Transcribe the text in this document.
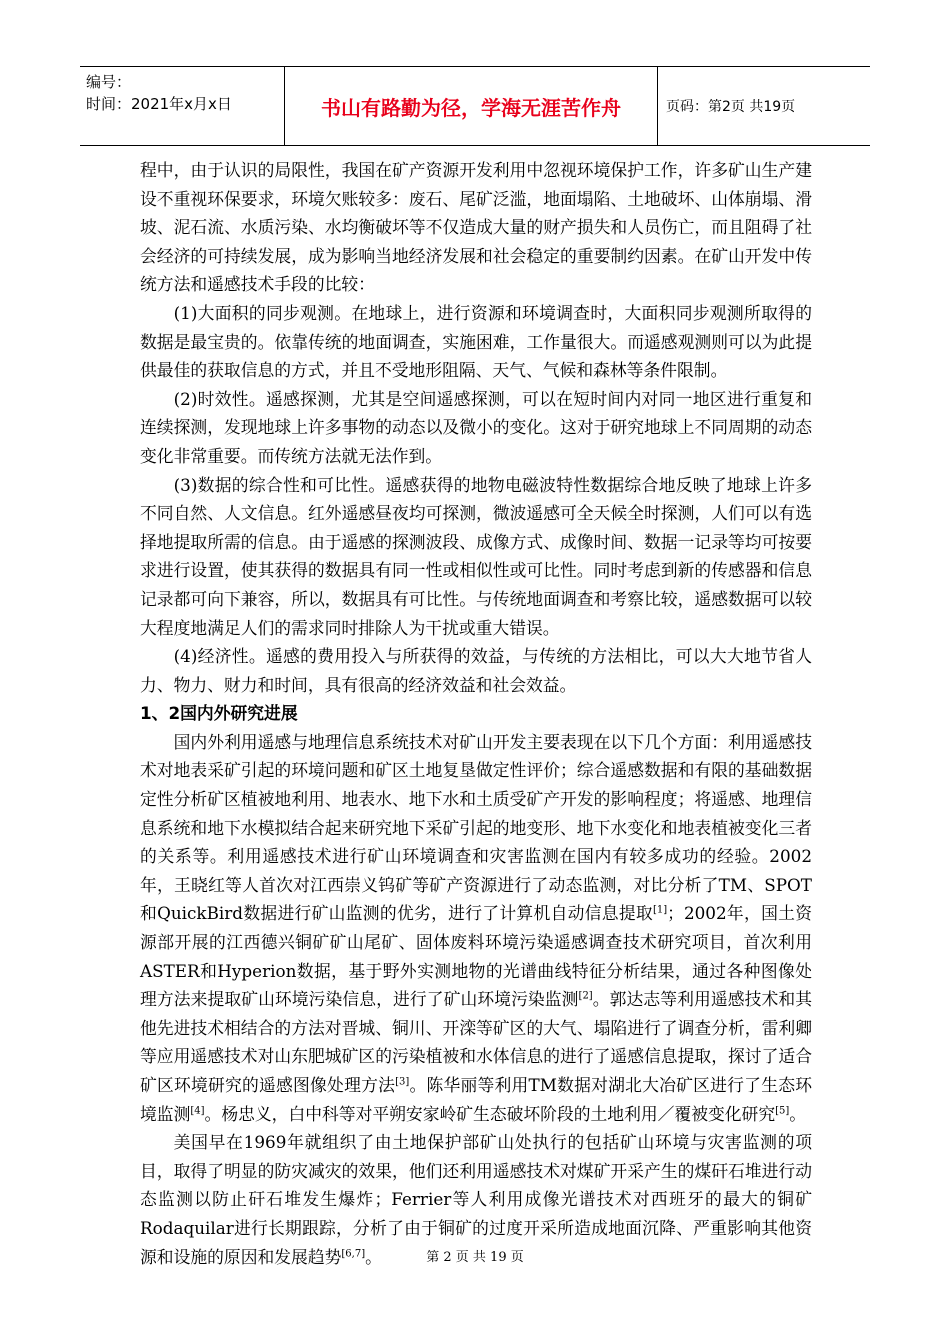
编号：
时间：2021年x月x日	书山有路勤为径，学海无涯苦作舟	页码：第2页 共19页

程中，由于认识的局限性，我国在矿产资源开发利用中忽视环境保护工作，许多矿山生产建设不重视环保要求，环境欠账较多：废石、尾矿泛滥，地面塌陷、土地破坏、山体崩塌、滑坡、泥石流、水质污染、水均衡破坏等不仅造成大量的财产损失和人员伤亡，而且阻碍了社会经济的可持续发展，成为影响当地经济发展和社会稳定的重要制约因素。在矿山开发中传统方法和遥感技术手段的比较：

(1)大面积的同步观测。在地球上，进行资源和环境调查时，大面积同步观测所取得的数据是最宝贵的。依靠传统的地面调查，实施困难，工作量很大。而遥感观测则可以为此提供最佳的获取信息的方式，并且不受地形阻隔、天气、气候和森林等条件限制。

(2)时效性。遥感探测，尤其是空间遥感探测，可以在短时间内对同一地区进行重复和连续探测，发现地球上许多事物的动态以及微小的变化。这对于研究地球上不同周期的动态变化非常重要。而传统方法就无法作到。

(3)数据的综合性和可比性。遥感获得的地物电磁波特性数据综合地反映了地球上许多不同自然、人文信息。红外遥感昼夜均可探测，微波遥感可全天候全时探测，人们可以有选择地提取所需的信息。由于遥感的探测波段、成像方式、成像时间、数据一记录等均可按要求进行设置，使其获得的数据具有同一性或相似性或可比性。同时考虑到新的传感器和信息记录都可向下兼容，所以，数据具有可比性。与传统地面调查和考察比较，遥感数据可以较大程度地满足人们的需求同时排除人为干扰或重大错误。

(4)经济性。遥感的费用投入与所获得的效益，与传统的方法相比，可以大大地节省人力、物力、财力和时间，具有很高的经济效益和社会效益。

1、2国内外研究进展

国内外利用遥感与地理信息系统技术对矿山开发主要表现在以下几个方面：利用遥感技术对地表采矿引起的环境问题和矿区土地复垦做定性评价；综合遥感数据和有限的基础数据定性分析矿区植被地利用、地表水、地下水和土质受矿产开发的影响程度；将遥感、地理信息系统和地下水模拟结合起来研究地下采矿引起的地变形、地下水变化和地表植被变化三者的关系等。利用遥感技术进行矿山环境调查和灾害监测在国内有较多成功的经验。2002年，王晓红等人首次对江西崇义钨矿等矿产资源进行了动态监测，对比分析了TM、SPOT和QuickBird数据进行矿山监测的优劣，进行了计算机自动信息提取[1]；2002年，国土资源部开展的江西德兴铜矿矿山尾矿、固体废料环境污染遥感调查技术研究项目，首次利用ASTER和Hyperion数据，基于野外实测地物的光谱曲线特征分析结果，通过各种图像处理方法来提取矿山环境污染信息，进行了矿山环境污染监测[2]。郭达志等利用遥感技术和其他先进技术相结合的方法对晋城、铜川、开滦等矿区的大气、塌陷进行了调查分析，雷利卿等应用遥感技术对山东肥城矿区的污染植被和水体信息的进行了遥感信息提取，探讨了适合矿区环境研究的遥感图像处理方法[3]。陈华丽等利用TM数据对湖北大冶矿区进行了生态环境监测[4]。杨忠义，白中科等对平朔安家岭矿生态破坏阶段的土地利用／覆被变化研究[5]。

美国早在1969年就组织了由土地保护部矿山处执行的包括矿山环境与灾害监测的项目，取得了明显的防灾减灾的效果，他们还利用遥感技术对煤矿开采产生的煤矸石堆进行动态监测以防止矸石堆发生爆炸；Ferrier等人利用成像光谱技术对西班牙的最大的铜矿Rodaquilar进行长期跟踪，分析了由于铜矿的过度开采所造成地面沉降、严重影响其他资源和设施的原因和发展趋势[6,7]。	第 2 页 共 19 页
